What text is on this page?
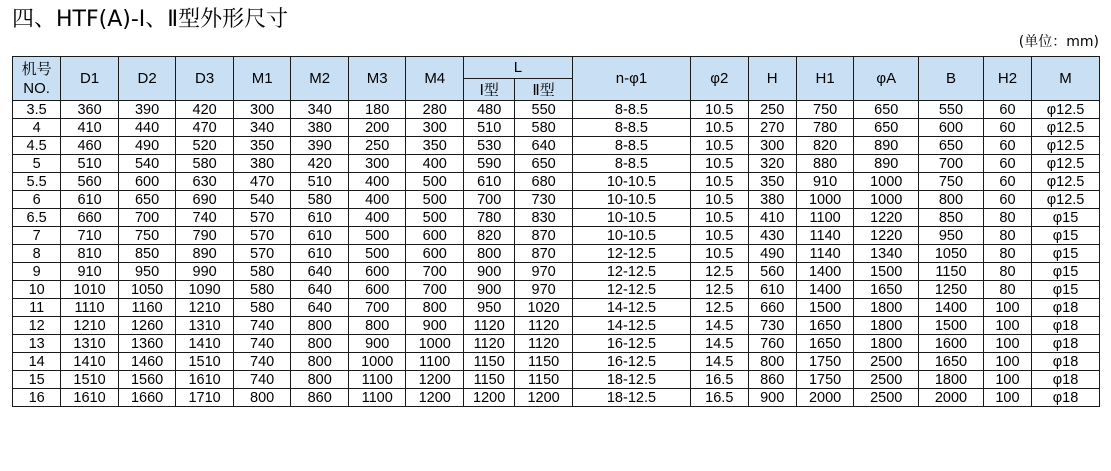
四、HTF(A)-Ⅰ、Ⅱ型外形尺寸
(单位：mm)
机号
NO.	D1	D2	D3	M1	M2	M3	M4	L		n-φ1	φ2	H	H1	φA	B	H2	M
								Ⅰ型	Ⅱ型								
3.5	360	390	420	300	340	180	280	480	550	8-8.5	10.5	250	750	650	550	60	φ12.5
4	410	440	470	340	380	200	300	510	580	8-8.5	10.5	270	780	650	600	60	φ12.5
4.5	460	490	520	350	390	250	350	530	640	8-8.5	10.5	300	820	890	650	60	φ12.5
5	510	540	580	380	420	300	400	590	650	8-8.5	10.5	320	880	890	700	60	φ12.5
5.5	560	600	630	470	510	400	500	610	680	10-10.5	10.5	350	910	1000	750	60	φ12.5
6	610	650	690	540	580	400	500	700	730	10-10.5	10.5	380	1000	1000	800	60	φ12.5
6.5	660	700	740	570	610	400	500	780	830	10-10.5	10.5	410	1100	1220	850	80	φ15
7	710	750	790	570	610	500	600	820	870	10-10.5	10.5	430	1140	1220	950	80	φ15
8	810	850	890	570	610	500	600	800	870	12-12.5	10.5	490	1140	1340	1050	80	φ15
9	910	950	990	580	640	600	700	900	970	12-12.5	12.5	560	1400	1500	1150	80	φ15
10	1010	1050	1090	580	640	600	700	900	970	12-12.5	12.5	610	1400	1650	1250	80	φ15
11	1110	1160	1210	580	640	700	800	950	1020	14-12.5	12.5	660	1500	1800	1400	100	φ18
12	1210	1260	1310	740	800	800	900	1120	1120	14-12.5	14.5	730	1650	1800	1500	100	φ18
13	1310	1360	1410	740	800	900	1000	1120	1120	16-12.5	14.5	760	1650	1800	1600	100	φ18
14	1410	1460	1510	740	800	1000	1100	1150	1150	16-12.5	14.5	800	1750	2500	1650	100	φ18
15	1510	1560	1610	740	800	1100	1200	1150	1150	18-12.5	16.5	860	1750	2500	1800	100	φ18
16	1610	1660	1710	800	860	1100	1200	1200	1200	18-12.5	16.5	900	2000	2500	2000	100	φ18
